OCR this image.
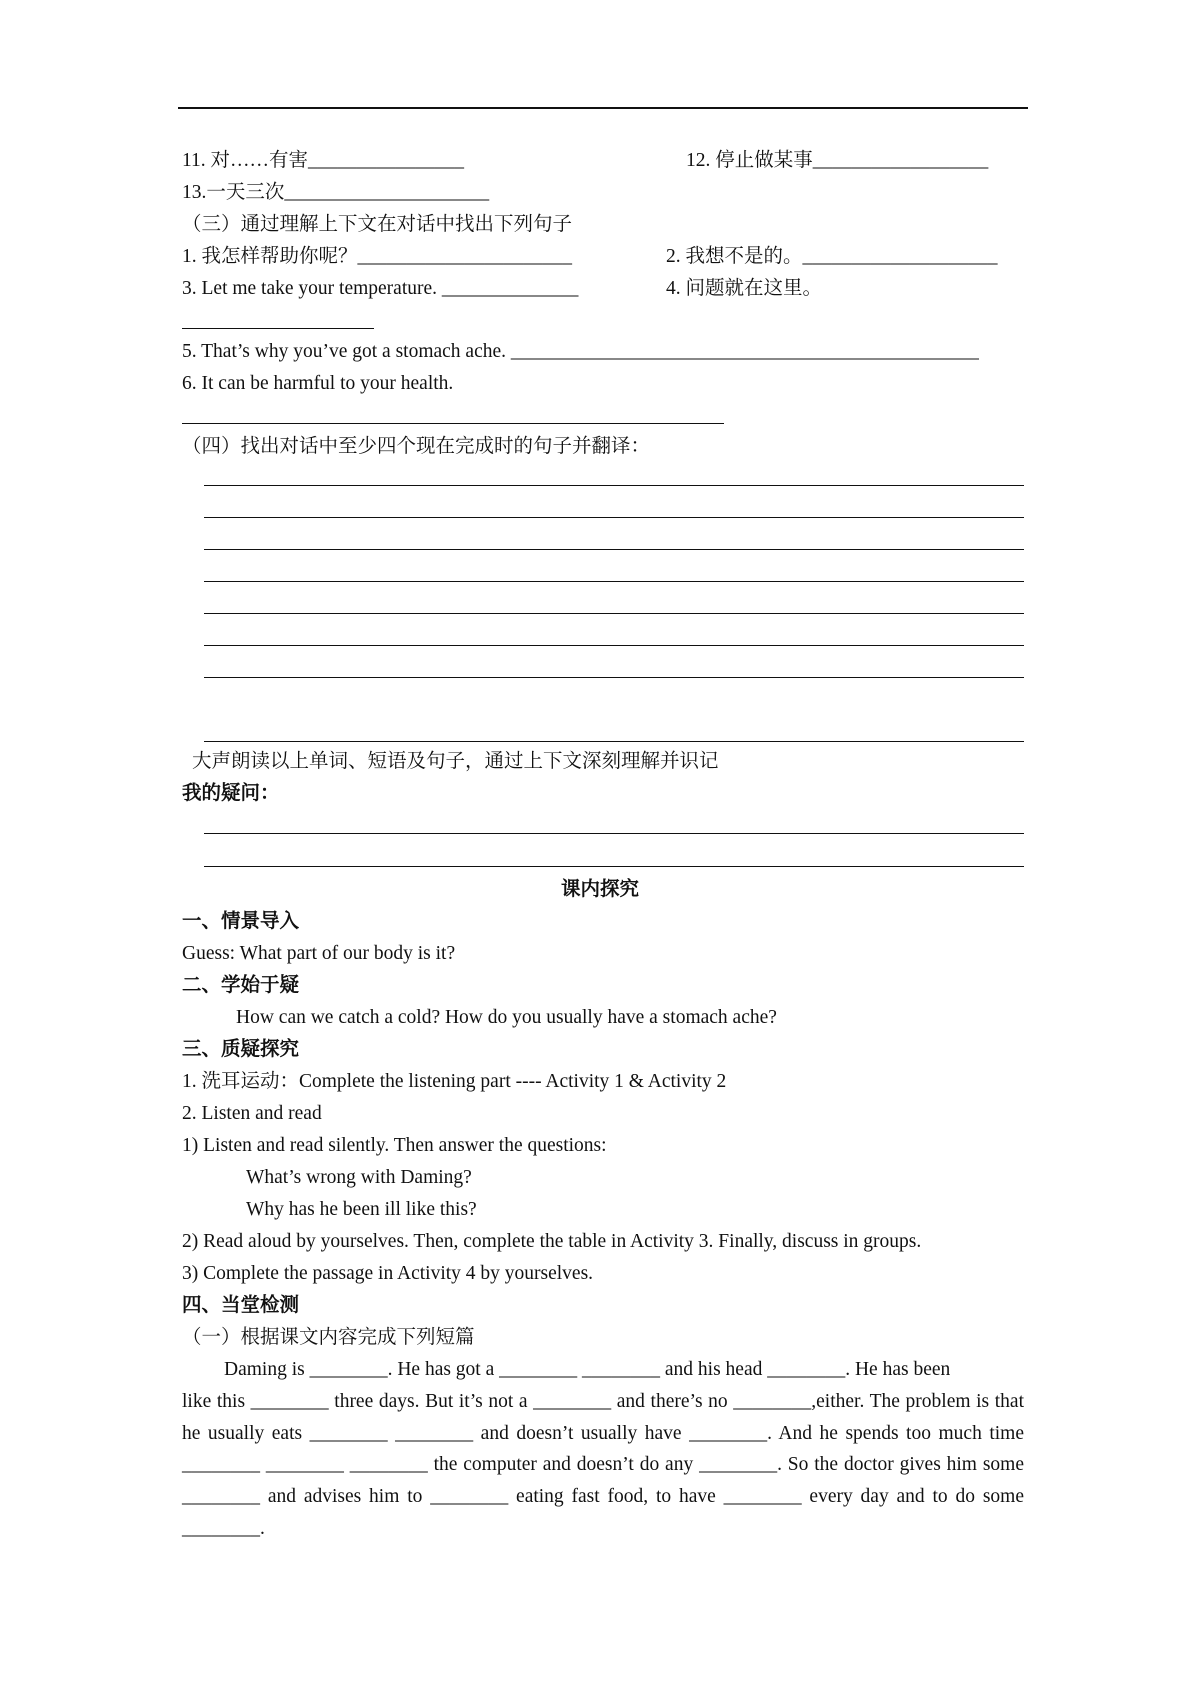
11. 对……有害________________	12. 停止做某事__________________
13.一天三次_____________________
（三）通过理解上下文在对话中找出下列句子
1. 我怎样帮助你呢？______________________	2. 我想不是的。____________________
3. Let me take your temperature. ______________	4. 问题就在这里。
5. That’s why you’ve got a stomach ache. ________________________________________________
6. It can be harmful to your health.
（四）找出对话中至少四个现在完成时的句子并翻译：
大声朗读以上单词、短语及句子，通过上下文深刻理解并识记
我的疑问：
课内探究
一、情景导入
Guess: What part of our body is it?
二、学始于疑
How can we catch a cold? How do you usually have a stomach ache?
三、质疑探究
1. 洗耳运动：Complete the listening part ---- Activity 1 & Activity 2
2. Listen and read
1) Listen and read silently. Then answer the questions:
What’s wrong with Daming?
Why has he been ill like this?
2) Read aloud by yourselves. Then, complete the table in Activity 3. Finally, discuss in groups.
3) Complete the passage in Activity 4 by yourselves.
四、当堂检测
（一）根据课文内容完成下列短篇
Daming is ________. He has got a ________ ________ and his head ________. He has been
like this ________ three days. But it’s not a ________ and there’s no ________,either. The problem is that he usually eats ________ ________ and doesn’t usually have ________. And he spends too much time ________ ________ ________ the computer and doesn’t do any ________. So the doctor gives him some ________ and advises him to ________ eating fast food, to have ________ every day and to do some ________.
